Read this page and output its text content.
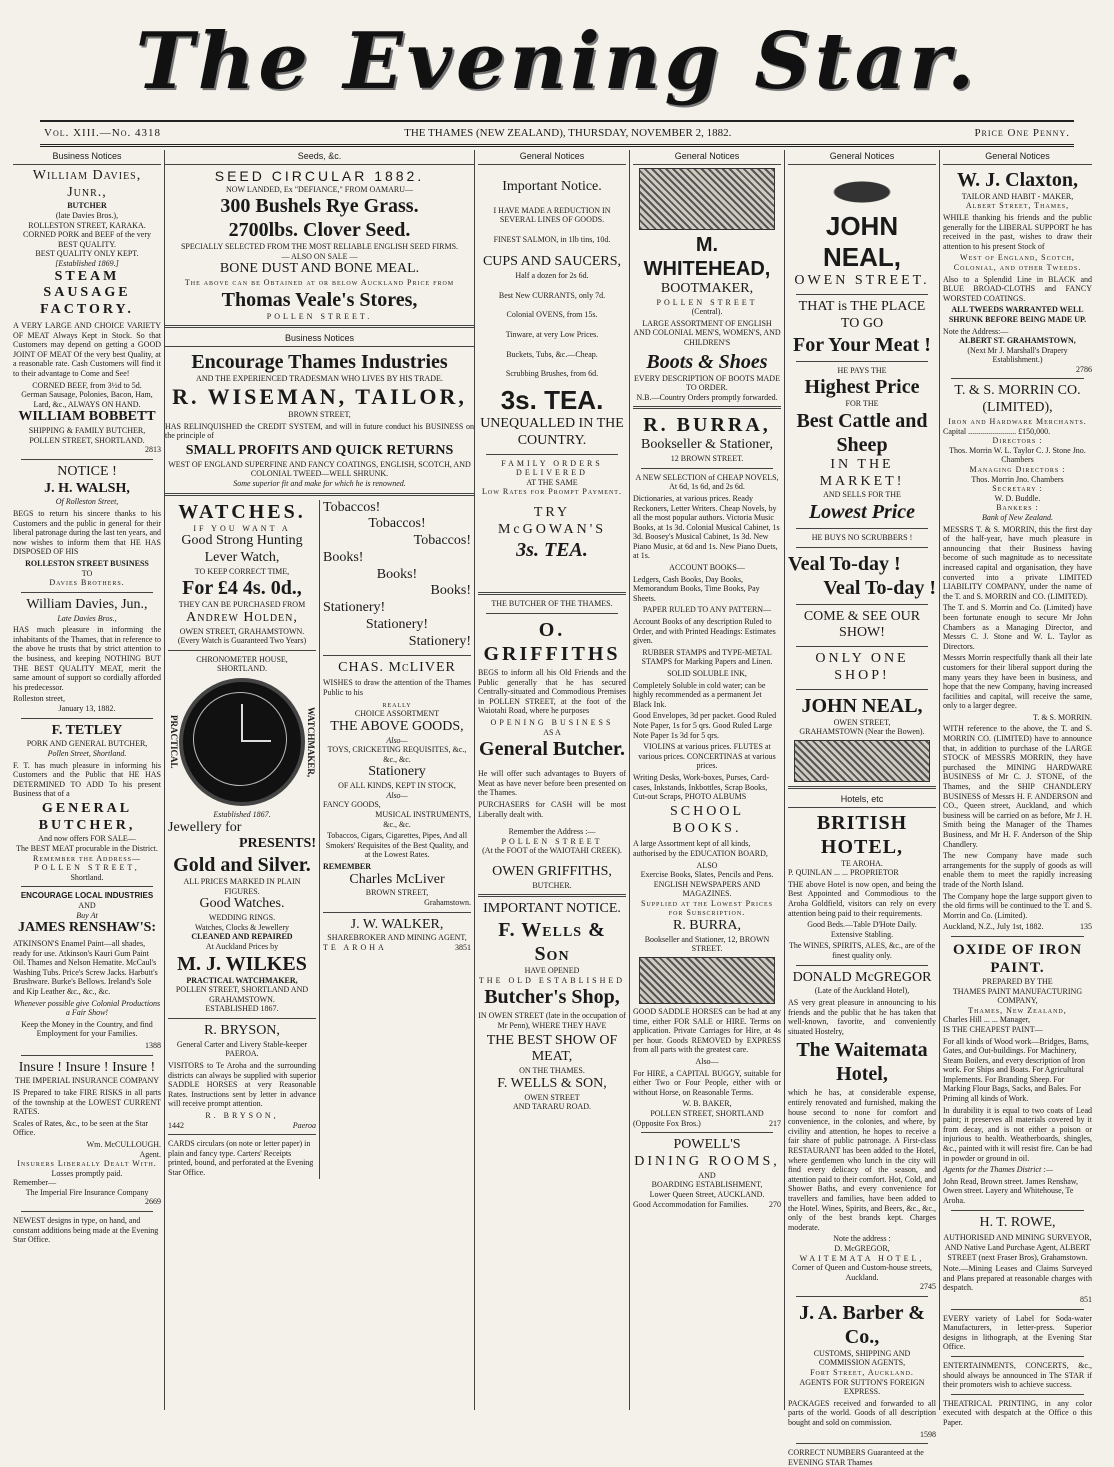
The Evening Star.
Vol. XIII.—No. 4318	THE THAMES (NEW ZEALAND), THURSDAY, NOVEMBER 2, 1882.	Price One Penny.
Business Notices
William Davies, Junr.,
BUTCHER
(late Davies Bros.),
ROLLESTON STREET, KARAKA.
CORNED PORK and BEEF of the very BEST QUALITY.
BEST QUALITY ONLY KEPT.
[Established 1869.]
STEAM SAUSAGE FACTORY.

A VERY LARGE AND CHOICE VARIETY OF MEAT Always Kept in Stock. So that Customers may depend on getting a GOOD JOINT OF MEAT Of the very best Quality, at a reasonable rate. Cash Customers will find it to their advantage to Come and See!

CORNED BEEF, from 3½d to 5d.
German Sausage, Polonies, Bacon, Ham, Lard, &c., ALWAYS ON HAND.
WILLIAM BOBBETT
SHIPPING & FAMILY BUTCHER,
POLLEN STREET, SHORTLAND.
2813
NOTICE !
J. H. WALSH,
Of Rolleston Street,

BEGS to return his sincere thanks to his Customers and the public in general for their liberal patronage during the last ten years, and now wishes to inform them that HE HAS DISPOSED OF HIS

ROLLESTON STREET BUSINESS
TO
Davies Brothers.
William Davies, Jun.,
Late Davies Bros.,

HAS much pleasure in informing the inhabitants of the Thames, that in reference to the above he trusts that by strict attention to the business, and keeping NOTHING BUT THE BEST QUALITY MEAT, merit the same amount of support so cordially afforded his predecessor.

Rolleston street,
January 13, 1882.
F. TETLEY
PORK AND GENERAL BUTCHER,
Pollen Street, Shortland.

F. T. has much pleasure in informing his Customers and the Public that HE HAS DETERMINED TO ADD To his present Business that of a

GENERAL BUTCHER,
And now offers FOR SALE—
The BEST MEAT procurable in the District.
Remember the Address—
POLLEN STREET,
Shortland.
ENCOURAGE LOCAL INDUSTRIES
AND
Buy At
JAMES RENSHAW'S:

ATKINSON'S Enamel Paint—all shades, ready for use. Atkinson's Kauri Gum Paint Oil. Thames and Nelson Hematite. McCaul's Washing Tubs. Price's Screw Jacks. Harbutt's Brushware. Burke's Bellows. Ireland's Sole and Kip Leather &c., &c., &c.

Whenever possible give Colonial Productions a Fair Show!

Keep the Money in the Country, and find Employment for your Families.

1388
Insure ! Insure ! Insure !
THE IMPERIAL INSURANCE COMPANY

IS Prepared to take FIRE RISKS in all parts of the township at the LOWEST CURRENT RATES.

Scales of Rates, &c., to be seen at the Star Office.

Wm. McCULLOUGH.
Agent.
Insurers Liberally Dealt With.
Losses promptly paid.
Remember—
The Imperial Fire Insurance Company
2669

NEWEST designs in type, on hand, and constant additions being made at the Evening Star Office.

Seeds, &c.
SEED CIRCULAR 1882.
NOW LANDED, Ex "DEFIANCE," FROM OAMARU—
300 Bushels Rye Grass.
2700lbs. Clover Seed.
SPECIALLY SELECTED FROM THE MOST RELIABLE ENGLISH SEED FIRMS.
— ALSO ON SALE —
BONE DUST AND BONE MEAL.
The above can be Obtained at or below Auckland Price from
Thomas Veale's Stores,
POLLEN STREET.
Business Notices
Encourage Thames Industries
AND THE EXPERIENCED TRADESMAN WHO LIVES BY HIS TRADE.
R. WISEMAN, TAILOR,
BROWN STREET,

HAS RELINQUISHED the CREDIT SYSTEM, and will in future conduct his BUSINESS on the principle of

SMALL PROFITS AND QUICK RETURNS
WEST OF ENGLAND SUPERFINE AND FANCY COATINGS, ENGLISH, SCOTCH, AND COLONIAL TWEED—WELL SHRUNK.
Some superior fit and make for which he is renowned.
WATCHES.
IF YOU WANT A
Good Strong Hunting Lever Watch,
TO KEEP CORRECT TIME,
For £4 4s. 0d.,
THEY CAN BE PURCHASED FROM
Andrew Holden,
OWEN STREET, GRAHAMSTOWN.
(Every Watch is Guaranteed Two Years)
CHRONOMETER HOUSE,
SHORTLAND.
PRACTICAL	WATCHMAKER,
Established 1867.
Jewellery for
PRESENTS!
Gold and Silver.
ALL PRICES MARKED IN PLAIN FIGURES.
Good Watches.
WEDDING RINGS.
Watches, Clocks & Jewellery
CLEANED AND REPAIRED
At Auckland Prices by
M. J. WILKES
PRACTICAL WATCHMAKER,
POLLEN STREET, SHORTLAND AND GRAHAMSTOWN.
ESTABLISHED 1867.
R. BRYSON,
General Carter and Livery Stable-keeper PAEROA.

VISITORS to Te Aroha and the surrounding districts can always be supplied with superior SADDLE HORSES at very Reasonable Rates. Instructions sent by letter in advance will receive prompt attention.

R. BRYSON,
1442	Paeroa

CARDS circulars (on note or letter paper) in plain and fancy type. Carters' Receipts printed, bound, and perforated at the Evening Star Office.

Tobaccos!
Tobaccos!
Tobaccos!
Books!
Books!
Books!
Stationery!
Stationery!
Stationery!
CHAS. McLIVER

WISHES to draw the attention of the Thames Public to his

really
CHOICE ASSORTMENT
THE ABOVE GOODS,
Also—
TOYS, CRICKETING REQUISITES, &c., &c., &c.
Stationery
OF ALL KINDS, KEPT IN STOCK,
Also—
FANCY GOODS,
MUSICAL INSTRUMENTS,
&c., &c.

Tobaccos, Cigars, Cigarettes, Pipes, And all Smokers' Requisites of the Best Quality, and at the Lowest Rates.

REMEMBER
Charles McLiver
BROWN STREET,
Grahamstown.
J. W. WALKER,
SHAREBROKER AND MINING AGENT,
TE AROHA	3851
General Notices
Important Notice.

I HAVE MADE A REDUCTION IN SEVERAL LINES OF GOODS.

FINEST SALMON, in 1lb tins, 10d.

CUPS AND SAUCERS,
Half a dozen for 2s 6d.

Best New CURRANTS, only 7d.

Colonial OVENS, from 15s.

Tinware, at very Low Prices.

Buckets, Tubs, &c.—Cheap.

Scrubbing Brushes, from 6d.

3s. TEA.
UNEQUALLED IN THE COUNTRY.
FAMILY ORDERS DELIVERED
AT THE SAME
Low Rates for Prompt Payment.
TRY McGOWAN'S
3s. TEA.
THE BUTCHER OF THE THAMES.
O. GRIFFITHS

BEGS to inform all his Old Friends and the Public generally that he has secured Centrally-situated and Commodious Premises in POLLEN STREET, at the foot of the Waiotahi Road, where he purposes

OPENING BUSINESS
AS A
General Butcher.

He will offer such advantages to Buyers of Meat as have never before been presented on the Thames.

PURCHASERS for CASH will be most Liberally dealt with.

Remember the Address :—
POLLEN STREET
(At the FOOT of the WAIOTAHI CREEK).
OWEN GRIFFITHS,
BUTCHER.
IMPORTANT NOTICE.
F. Wells & Son
HAVE OPENED
THE OLD ESTABLISHED
Butcher's Shop,

IN OWEN STREET (late in the occupation of Mr Penn), WHERE THEY HAVE

THE BEST SHOW OF MEAT,
ON THE THAMES.
F. WELLS & SON,
OWEN STREET
AND TARARU ROAD.
General Notices
M. WHITEHEAD,
BOOTMAKER,
POLLEN STREET
(Central).

LARGE ASSORTMENT OF ENGLISH AND COLONIAL MEN'S, WOMEN'S, AND CHILDREN'S

Boots & Shoes
EVERY DESCRIPTION OF BOOTS MADE TO ORDER.
N.B.—Country Orders promptly forwarded.
R. BURRA,
Bookseller & Stationer,
12 BROWN STREET.
A NEW SELECTION of CHEAP NOVELS,
At 6d, 1s 6d, and 2s 6d.

Dictionaries, at various prices. Ready Reckoners, Letter Writers. Cheap Novels, by all the most popular authors. Victoria Music Books, at 1s 3d. Colonial Musical Cabinet, 1s 3d. Boosey's Musical Cabinet, 1s 3d. New Piano Music, at 6d and 1s. New Piano Duets, at 1s.

ACCOUNT BOOKS—

Ledgers, Cash Books, Day Books, Memorandum Books, Time Books, Pay Sheets.

PAPER RULED TO ANY PATTERN—

Account Books of any description Ruled to Order, and with Printed Headings: Estimates given.

RUBBER STAMPS and TYPE-METAL STAMPS for Marking Papers and Linen.

SOLID SOLUBLE INK,

Completely Soluble in cold water; can be highly recommended as a permanent Jet Black Ink.

Good Envelopes, 3d per packet. Good Ruled Note Paper, 1s for 5 qrs. Good Ruled Large Note Paper 1s 3d for 5 qrs.

VIOLINS at various prices. FLUTES at various prices. CONCERTINAS at various prices.

Writing Desks, Work-boxes, Purses, Card-cases, Inkstands, Inkbottles, Scrap Books, Cut-out Scraps, PHOTO ALBUMS

SCHOOL BOOKS.

A large Assortment kept of all kinds, authorised by the EDUCATION BOARD,

ALSO
Exercise Books, Slates, Pencils and Pens.
ENGLISH NEWSPAPERS AND MAGAZINES.
Supplied at the Lowest Prices for Subscription.
R. BURRA,
Bookseller and Stationer, 12, BROWN STREET.

GOOD SADDLE HORSES can be had at any time, either FOR SALE or HIRE. Terms on application. Private Carriages for Hire, at 4s per hour. Goods REMOVED by EXPRESS from all parts with the greatest care.

Also—

For HIRE, a CAPITAL BUGGY, suitable for either Two or Four People, either with or without Horse, on Reasonable Terms.

W. B. BAKER,
POLLEN STREET, SHORTLAND
(Opposite Fox Bros.)	217
POWELL'S
DINING ROOMS,
AND
BOARDING ESTABLISHMENT,
Lower Queen Street, AUCKLAND.
Good Accommodation for Families.	270
General Notices
JOHN NEAL,
OWEN STREET.
THAT is THE PLACE TO GO
For Your Meat !
HE PAYS THE
Highest Price
FOR THE
Best Cattle and Sheep
IN THE MARKET!
AND SELLS FOR THE
Lowest Price
HE BUYS NO SCRUBBERS !
Veal To-day !
Veal To-day !
COME & SEE OUR SHOW!
ONLY ONE SHOP!
JOHN NEAL,
OWEN STREET,
GRAHAMSTOWN (Near the Bowen).
Hotels, etc
BRITISH HOTEL,
TE AROHA.
P. QUINLAN ... ... PROPRIETOR

THE above Hotel is now open, and being the Best Appointed and Commodious to the Aroha Goldfield, visitors can rely on every attention being paid to their requirements.

Good Beds.—Table D'Hote Daily.
Extensive Stabling.

The WINES, SPIRITS, ALES, &c., are of the finest quality only.

DONALD McGREGOR
(Late of the Auckland Hotel),

AS very great pleasure in announcing to his friends and the public that he has taken that well-known, favorite, and conveniently situated Hostelry,

The Waitemata Hotel,

which he has, at considerable expense, entirely renovated and furnished, making the house second to none for comfort and convenience, in the colonies, and where, by civility and attention, he hopes to receive a fair share of public patronage. A First-class RESTAURANT has been added to the Hotel, where gentlemen who lunch in the city will find every delicacy of the season, and attention paid to their comfort. Hot, Cold, and Shower Baths, and every convenience for travellers and families, have been added to the Hotel. Wines, Spirits, and Beers, &c., &c., only of the best brands kept. Charges moderate.

Note the address :
D. McGREGOR,
WAITEMATA HOTEL,
Corner of Queen and Custom-house streets, Auckland.
2745
J. A. Barber & Co.,
CUSTOMS, SHIPPING AND COMMISSION AGENTS,
Fort Street, Auckland.
AGENTS FOR SUTTON'S FOREIGN EXPRESS.

PACKAGES received and forwarded to all parts of the world. Goods of all description bought and sold on commission.

1598

CORRECT NUMBERS Guaranteed at the EVENING STAR Thames

General Notices
W. J. Claxton,
TAILOR AND HABIT - MAKER,
Albert Street, Thames,

WHILE thanking his friends and the public generally for the LIBERAL SUPPORT he has received in the past, wishes to draw their attention to his present Stock of

West of England, Scotch, Colonial, and other Tweeds.

Also to a Splendid Line in BLACK and BLUE BROAD-CLOTHS and FANCY WORSTED COATINGS.

ALL TWEEDS WARRANTED WELL SHRUNK BEFORE BEING MADE UP.

Note the Address:—
ALBERT ST. GRAHAMSTOWN,
(Next Mr J. Marshall's Drapery Establishment.)
2786
T. & S. MORRIN CO. (LIMITED),
Iron and Hardware Merchants.
Capital ........................ £150,000.
Directors :
Thos. Morrin W. L. Taylor C. J. Stone Jno. Chambers
Managing Directors :
Thos. Morrin Jno. Chambers
Secretary :
W. D. Buddle.
Bankers :
Bank of New Zealand.

MESSRS T. & S. MORRIN, this the first day of the half-year, have much pleasure in announcing that their Business having become of such magnitude as to necessitate increased capital and organisation, they have converted into a private LIMITED LIABILITY COMPANY, under the name of the T. and S. MORRIN and CO. (LIMITED).

The T. and S. Morrin and Co. (Limited) have been fortunate enough to secure Mr John Chambers as a Managing Director, and Messrs C. J. Stone and W. L. Taylor as Directors.

Messrs Morrin respectfully thank all their late customers for their liberal support during the many years they have been in business, and hope that the new Company, having increased facilities and capital, will receive the same, only to a larger degree.

T. & S. MORRIN.

WITH reference to the above, the T. and S. MORRIN CO. (LIMITED) have to announce that, in addition to purchase of the LARGE STOCK of MESSRS MORRIN, they have purchased the MINING HARDWARE BUSINESS of Mr C. J. STONE, of the Thames, and the SHIP CHANDLERY BUSINESS of Messrs H. F. ANDERSON and CO., Queen street, Auckland, and which business will be carried on as before, Mr J. H. Smith being the Manager of the Thames Business, and Mr H. F. Anderson of the Ship Chandlery.

The new Company have made such arrangements for the supply of goods as will enable them to meet the rapidly increasing trade of the North Island.

The Company hope the large support given to the old firms will be continued to the T. and S. Morrin and Co. (Limited).

Auckland, N.Z., July 1st, 1882.	135
OXIDE OF IRON PAINT.
PREPARED BY THE
THAMES PAINT MANUFACTURING COMPANY,
Thames, New Zealand,
Charles Hill ... ... Manager,
IS THE CHEAPEST PAINT—

For all kinds of Wood work—Bridges, Barns, Gates, and Out-buildings. For Machinery, Steam Boilers, and every description of Iron work. For Ships and Boats. For Agricultural Implements. For Branding Sheep. For Marking Flour Bags, Sacks, and Bales. For Priming all kinds of Work.

In durability it is equal to two coats of Lead paint; it preserves all materials covered by it from decay, and is not either a poison or injurious to health. Weatherboards, shingles, &c., painted with it will resist fire. Can be had in powder or ground in oil.

Agents for the Thames District :—

John Read, Brown street. James Renshaw, Owen street. Layery and Whitehouse, Te Aroha.

H. T. ROWE,

AUTHORISED AND MINING SURVEYOR, AND Native Land Purchase Agent, ALBERT STREET (next Fraser Bros), Grahamstown.

Note.—Mining Leases and Claims Surveyed and Plans prepared at reasonable charges with despatch.

851

EVERY variety of Label for Soda-water Manufacturers, in letter-press. Superior designs in lithograph, at the Evening Star Office.

ENTERTAINMENTS, CONCERTS, &c., should always be announced in The STAR if their promoters wish to achieve success.

THEATRICAL PRINTING, in any color executed with despatch at the Office o this Paper.
